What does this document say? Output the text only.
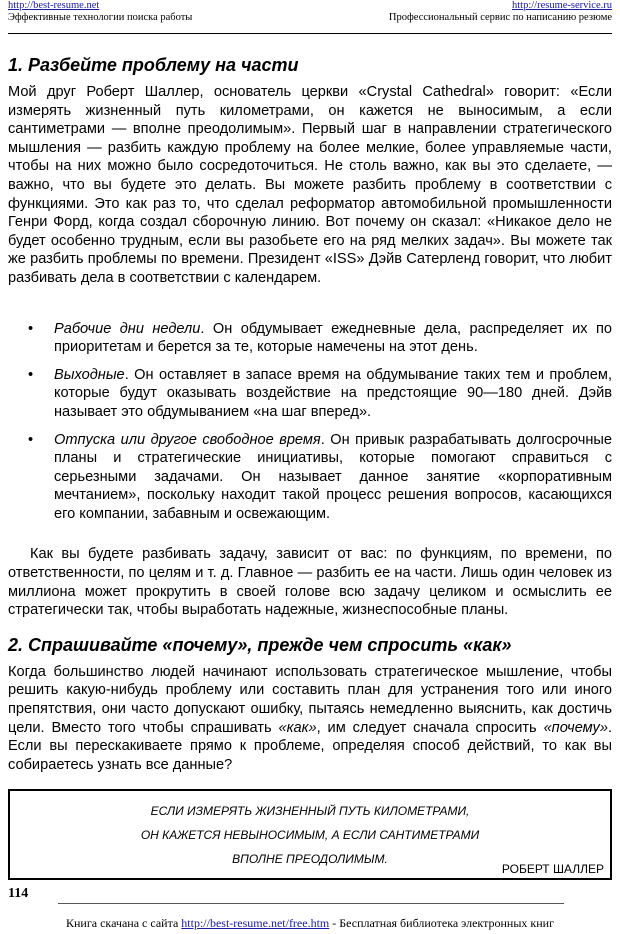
http://best-resume.net
Эффективные технологии поиска работы
http://resume-service.ru
Профессиональный сервис по написанию резюме
1. Разбейте проблему на части

Мой друг Роберт Шаллер, основатель церкви «Crystal Cathedral» говорит: «Если измерять жизненный путь километрами, он кажется не выносимым, а если сантиметрами — вполне преодолимым». Первый шаг в направлении стратегического мышления — разбить каждую проблему на более мелкие, более управляемые части, чтобы на них можно было сосредоточиться. Не столь важно, как вы это сделаете, — важно, что вы будете это делать. Вы можете разбить проблему в соответствии с функциями. Это как раз то, что сделал реформатор автомобильной промышленности Генри Форд, когда создал сборочную линию. Вот почему он сказал: «Никакое дело не будет особенно трудным, если вы разобьете его на ряд мелких задач». Вы можете так же разбить проблемы по времени. Президент «ISS» Дэйв Сатерленд говорит, что любит разбивать дела в соответствии с календарем.

• Рабочие дни недели. Он обдумывает ежедневные дела, распределяет их по приоритетам и берется за те, которые намечены на этот день.
• Выходные. Он оставляет в запасе время на обдумывание таких тем и проблем, которые будут оказывать воздействие на предстоящие 90—180 дней. Дэйв называет это обдумыванием «на шаг вперед».
• Отпуска или другое свободное время. Он привык разрабатывать долгосрочные планы и стратегические инициативы, которые помогают справиться с серьезными задачами. Он называет данное занятие «корпоративным мечтанием», поскольку находит такой процесс решения вопросов, касающихся его компании, забавным и освежающим.

Как вы будете разбивать задачу, зависит от вас: по функциям, по времени, по ответственности, по целям и т. д. Главное — разбить ее на части. Лишь один человек из миллиона может прокрутить в своей голове всю задачу целиком и осмыслить ее стратегически так, чтобы выработать надежные, жизнеспособные планы.

2. Спрашивайте «почему», прежде чем спросить «как»

Когда большинство людей начинают использовать стратегическое мышление, чтобы решить какую-нибудь проблему или составить план для устранения того или иного препятствия, они часто допускают ошибку, пытаясь немедленно выяснить, как достичь цели. Вместо того чтобы спрашивать «как», им следует сначала спросить «почему». Если вы перескакиваете прямо к проблеме, определяя способ действий, то как вы собираетесь узнать все данные?

ЕСЛИ ИЗМЕРЯТЬ ЖИЗНЕННЫЙ ПУТЬ КИЛОМЕТРАМИ,
ОН КАЖЕТСЯ НЕВЫНОСИМЫМ, А ЕСЛИ САНТИМЕТРАМИ
ВПОЛНЕ ПРЕОДОЛИМЫМ.
РОБЕРТ ШАЛЛЕР
114
Книга скачана с сайта http://best-resume.net/free.htm - Бесплатная библиотека электронных книг
